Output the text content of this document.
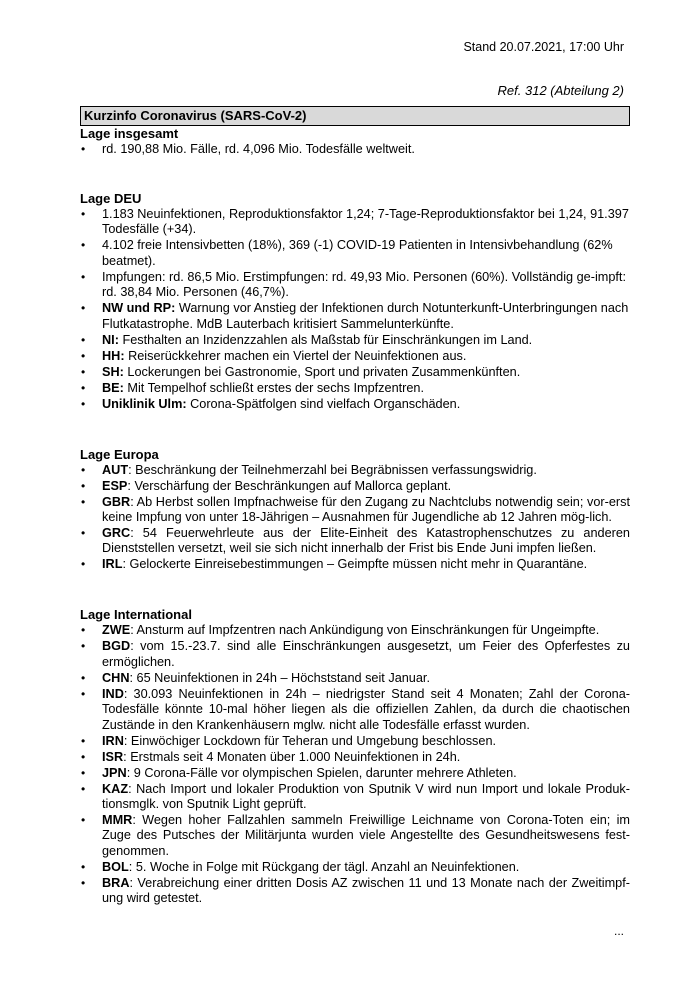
Stand 20.07.2021, 17:00 Uhr
Ref. 312 (Abteilung 2)
Kurzinfo Coronavirus (SARS-CoV-2)
Lage insgesamt
• rd. 190,88 Mio. Fälle, rd. 4,096 Mio. Todesfälle weltweit.
Lage DEU
• 1.183 Neuinfektionen, Reproduktionsfaktor 1,24; 7-Tage-Reproduktionsfaktor bei 1,24, 91.397 Todesfälle (+34).
• 4.102 freie Intensivbetten (18%), 369 (-1) COVID-19 Patienten in Intensivbehandlung (62% beatmet).
• Impfungen: rd. 86,5 Mio. Erstimpfungen: rd. 49,93 Mio. Personen (60%). Vollständig ge-impft: rd. 38,84 Mio. Personen (46,7%).
• NW und RP: Warnung vor Anstieg der Infektionen durch Notunterkunft-Unterbringungen nach Flutkatastrophe. MdB Lauterbach kritisiert Sammelunterkünfte.
• NI: Festhalten an Inzidenzzahlen als Maßstab für Einschränkungen im Land.
• HH: Reiserückkehrer machen ein Viertel der Neuinfektionen aus.
• SH: Lockerungen bei Gastronomie, Sport und privaten Zusammenkünften.
• BE: Mit Tempelhof schließt erstes der sechs Impfzentren.
• Uniklinik Ulm: Corona-Spätfolgen sind vielfach Organschäden.
Lage Europa
• AUT: Beschränkung der Teilnehmerzahl bei Begräbnissen verfassungswidrig.
• ESP: Verschärfung der Beschränkungen auf Mallorca geplant.
• GBR: Ab Herbst sollen Impfnachweise für den Zugang zu Nachtclubs notwendig sein; vor-erst keine Impfung von unter 18-Jährigen – Ausnahmen für Jugendliche ab 12 Jahren mög-lich.
• GRC: 54 Feuerwehrleute aus der Elite-Einheit des Katastrophenschutzes zu anderen Dienststellen versetzt, weil sie sich nicht innerhalb der Frist bis Ende Juni impfen ließen.
• IRL: Gelockerte Einreisebestimmungen – Geimpfte müssen nicht mehr in Quarantäne.
Lage International
• ZWE: Ansturm auf Impfzentren nach Ankündigung von Einschränkungen für Ungeimpfte.
• BGD: vom 15.-23.7. sind alle Einschränkungen ausgesetzt, um Feier des Opferfestes zu ermöglichen.
• CHN: 65 Neuinfektionen in 24h – Höchststand seit Januar.
• IND: 30.093 Neuinfektionen in 24h – niedrigster Stand seit 4 Monaten; Zahl der Corona-Todesfälle könnte 10-mal höher liegen als die offiziellen Zahlen, da durch die chaotischen Zustände in den Krankenhäusern mglw. nicht alle Todesfälle erfasst wurden.
• IRN: Einwöchiger Lockdown für Teheran und Umgebung beschlossen.
• ISR: Erstmals seit 4 Monaten über 1.000 Neuinfektionen in 24h.
• JPN: 9 Corona-Fälle vor olympischen Spielen, darunter mehrere Athleten.
• KAZ: Nach Import und lokaler Produktion von Sputnik V wird nun Import und lokale Produk-tionsmglk. von Sputnik Light geprüft.
• MMR: Wegen hoher Fallzahlen sammeln Freiwillige Leichname von Corona-Toten ein; im Zuge des Putsches der Militärjunta wurden viele Angestellte des Gesundheitswesens fest-genommen.
• BOL: 5. Woche in Folge mit Rückgang der tägl. Anzahl an Neuinfektionen.
• BRA: Verabreichung einer dritten Dosis AZ zwischen 11 und 13 Monate nach der Zweitimpf-ung wird getestet.
...
